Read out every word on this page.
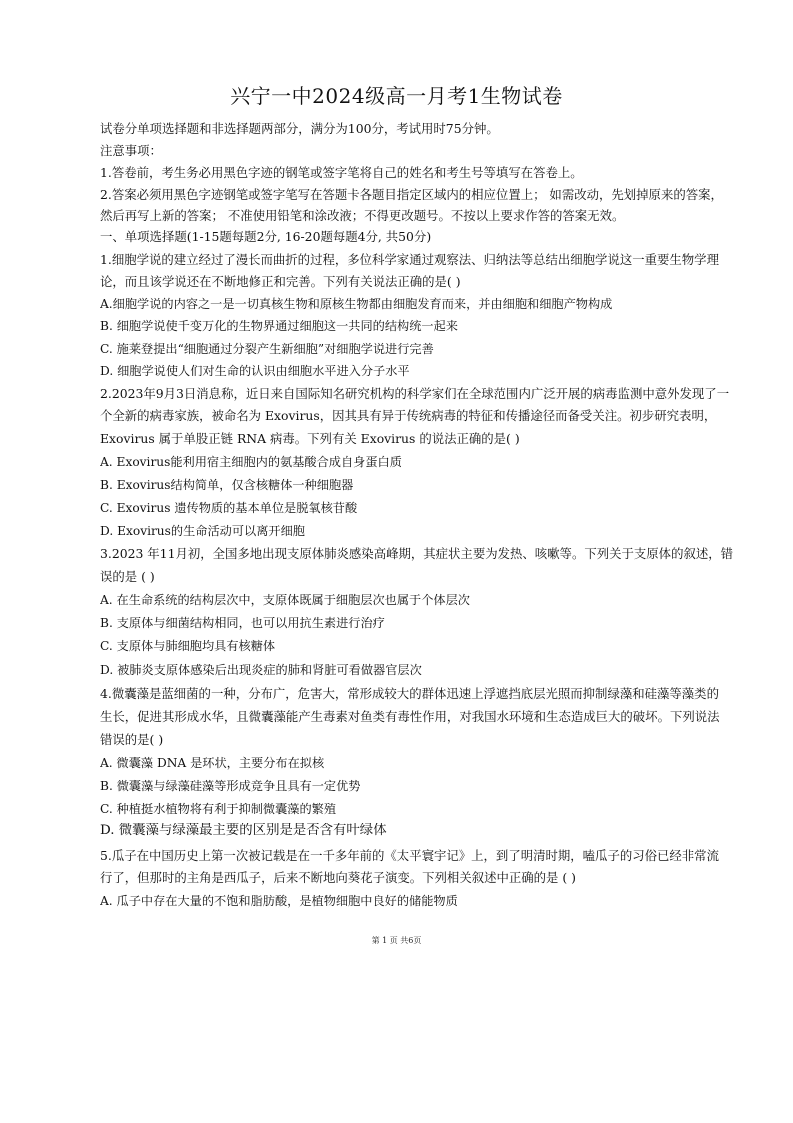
兴宁一中2024级高一月考1生物试卷
试卷分单项选择题和非选择题两部分，满分为100分，考试用时75分钟。
注意事项：
1.答卷前，考生务必用黑色字迹的钢笔或签字笔将自己的姓名和考生号等填写在答卷上。
2.答案必须用黑色字迹钢笔或签字笔写在答题卡各题目指定区域内的相应位置上； 如需改动，先划掉原来的答案，
然后再写上新的答案； 不准使用铅笔和涂改液；不得更改题号。不按以上要求作答的答案无效。
一、单项选择题(1-15题每题2分, 16-20题每题4分, 共50分)
1.细胞学说的建立经过了漫长而曲折的过程，多位科学家通过观察法、归纳法等总结出细胞学说这一重要生物学理
论，而且该学说还在不断地修正和完善。下列有关说法正确的是( )
A.细胞学说的内容之一是一切真核生物和原核生物都由细胞发育而来，并由细胞和细胞产物构成
B. 细胞学说使千变万化的生物界通过细胞这一共同的结构统一起来
C. 施莱登提出“细胞通过分裂产生新细胞”对细胞学说进行完善
D. 细胞学说使人们对生命的认识由细胞水平进入分子水平
2.2023年9月3日消息称，近日来自国际知名研究机构的科学家们在全球范围内广泛开展的病毒监测中意外发现了一
个全新的病毒家族，被命名为 Exovirus，因其具有异于传统病毒的特征和传播途径而备受关注。初步研究表明，
Exovirus 属于单股正链 RNA 病毒。下列有关 Exovirus 的说法正确的是( )
A. Exovirus能利用宿主细胞内的氨基酸合成自身蛋白质
B. Exovirus结构简单，仅含核糖体一种细胞器
C. Exovirus 遗传物质的基本单位是脱氧核苷酸
D. Exovirus的生命活动可以离开细胞
3.2023 年11月初，全国多地出现支原体肺炎感染高峰期，其症状主要为发热、咳嗽等。下列关于支原体的叙述，错
误的是 ( )
A. 在生命系统的结构层次中，支原体既属于细胞层次也属于个体层次
B. 支原体与细菌结构相同，也可以用抗生素进行治疗
C. 支原体与肺细胞均具有核糖体
D. 被肺炎支原体感染后出现炎症的肺和肾脏可看做器官层次
4.微囊藻是蓝细菌的一种，分布广，危害大，常形成较大的群体迅速上浮遮挡底层光照而抑制绿藻和硅藻等藻类的
生长，促进其形成水华，且微囊藻能产生毒素对鱼类有毒性作用，对我国水环境和生态造成巨大的破坏。下列说法
错误的是( )
A. 微囊藻 DNA 是环状，主要分布在拟核
B. 微囊藻与绿藻硅藻等形成竞争且具有一定优势
C. 种植挺水植物将有利于抑制微囊藻的繁殖
D. 微囊藻与绿藻最主要的区别是是否含有叶绿体
5.瓜子在中国历史上第一次被记载是在一千多年前的《太平寰宇记》上，到了明清时期，嗑瓜子的习俗已经非常流
行了，但那时的主角是西瓜子，后来不断地向葵花子演变。下列相关叙述中正确的是 ( )
A. 瓜子中存在大量的不饱和脂肪酸，是植物细胞中良好的储能物质
第 1 页 共6页
